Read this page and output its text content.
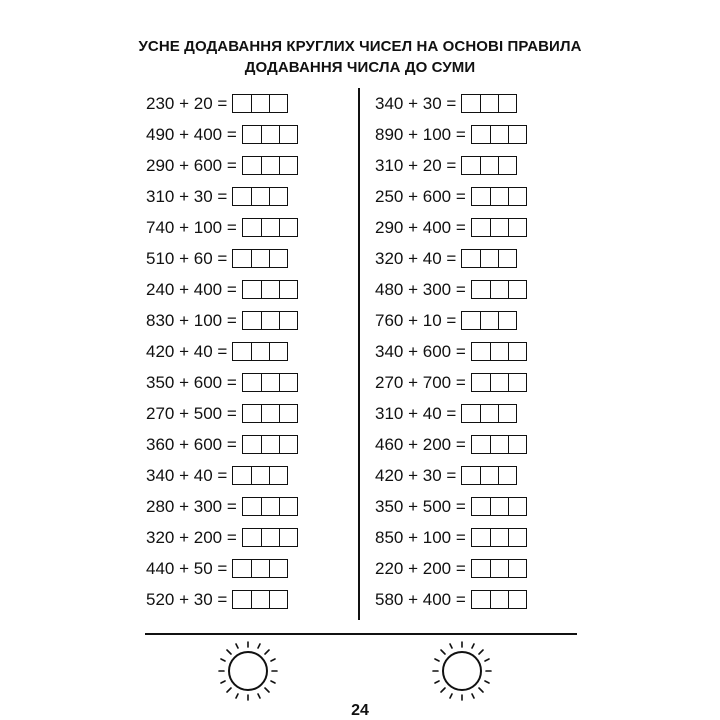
УСНЕ ДОДАВАННЯ КРУГЛИХ ЧИСЕЛ НА ОСНОВІ ПРАВИЛА
ДОДАВАННЯ ЧИСЛА ДО СУМИ
230 + 20 =
490 + 400 =
290 + 600 =
310 + 30 =
740 + 100 =
510 + 60 =
240 + 400 =
830 + 100 =
420 + 40 =
350 + 600 =
270 + 500 =
360 + 600 =
340 + 40 =
280 + 300 =
320 + 200 =
440 + 50 =
520 + 30 =
340 + 30 =
890 + 100 =
310 + 20 =
250 + 600 =
290 + 400 =
320 + 40 =
480 + 300 =
760 + 10 =
340 + 600 =
270 + 700 =
310 + 40 =
460 + 200 =
420 + 30 =
350 + 500 =
850 + 100 =
220 + 200 =
580 + 400 =
24
